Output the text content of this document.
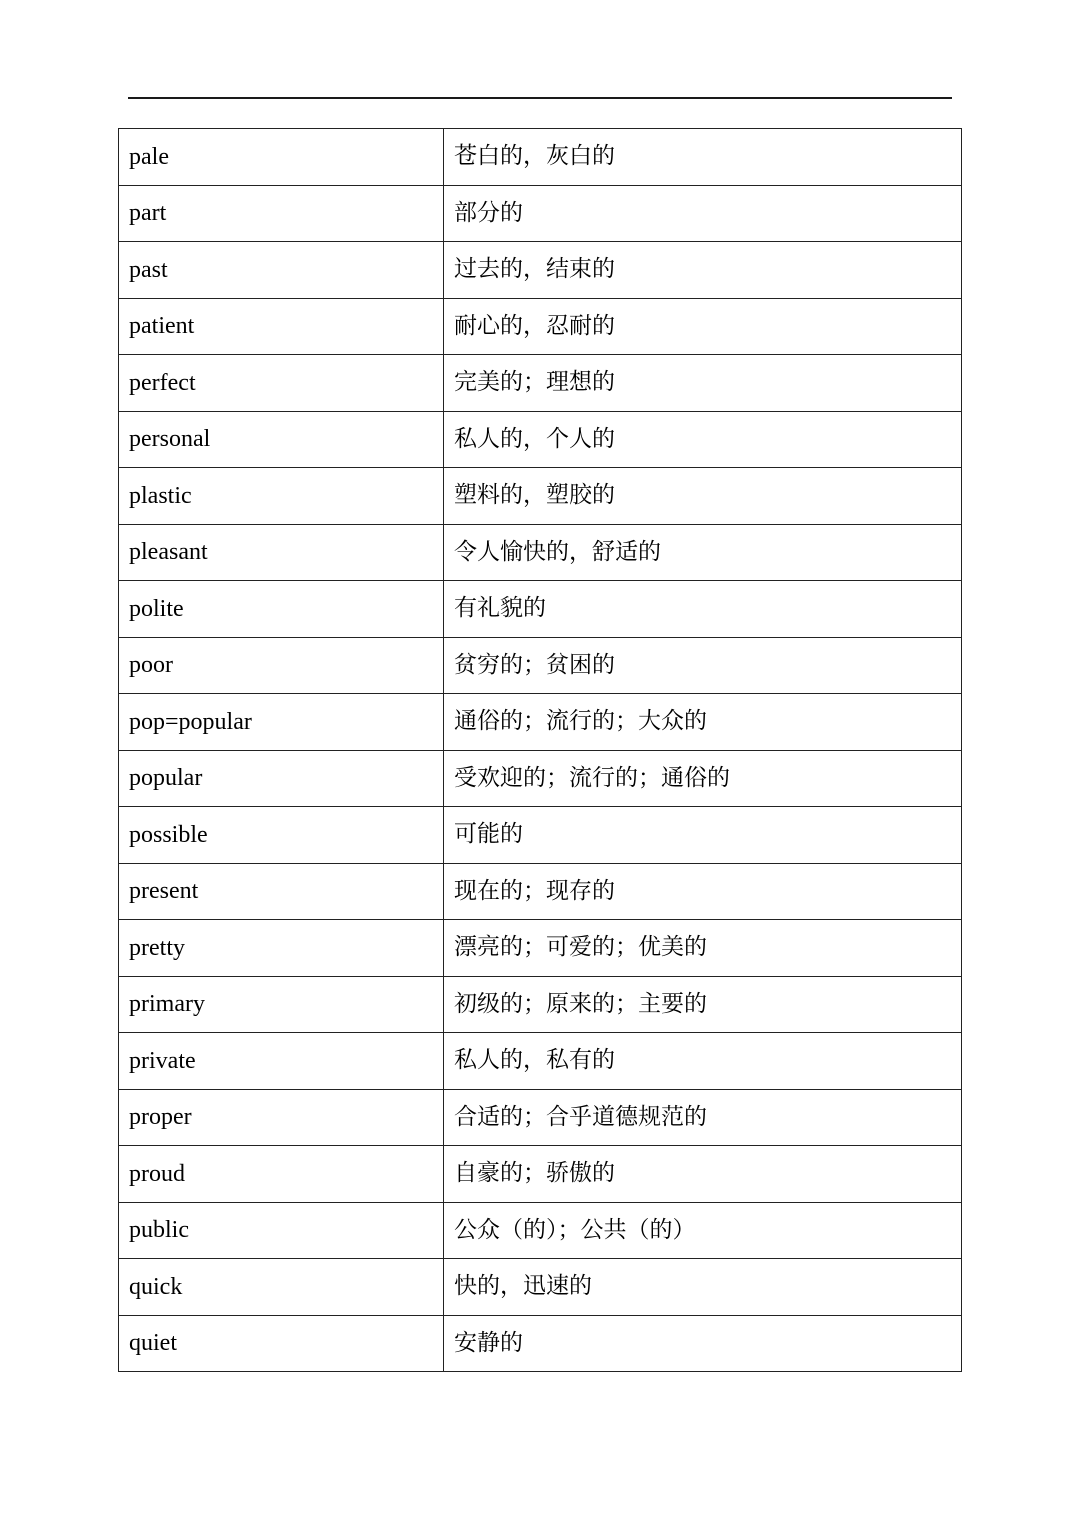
pale	苍白的，灰白的
part	部分的
past	过去的，结束的
patient	耐心的，忍耐的
perfect	完美的；理想的
personal	私人的，个人的
plastic	塑料的，塑胶的
pleasant	令人愉快的，舒适的
polite	有礼貌的
poor	贫穷的；贫困的
pop=popular	通俗的；流行的；大众的
popular	受欢迎的；流行的；通俗的
possible	可能的
present	现在的；现存的
pretty	漂亮的；可爱的；优美的
primary	初级的；原来的；主要的
private	私人的，私有的
proper	合适的；合乎道德规范的
proud	自豪的；骄傲的
public	公众（的）；公共（的）
quick	快的，迅速的
quiet	安静的
